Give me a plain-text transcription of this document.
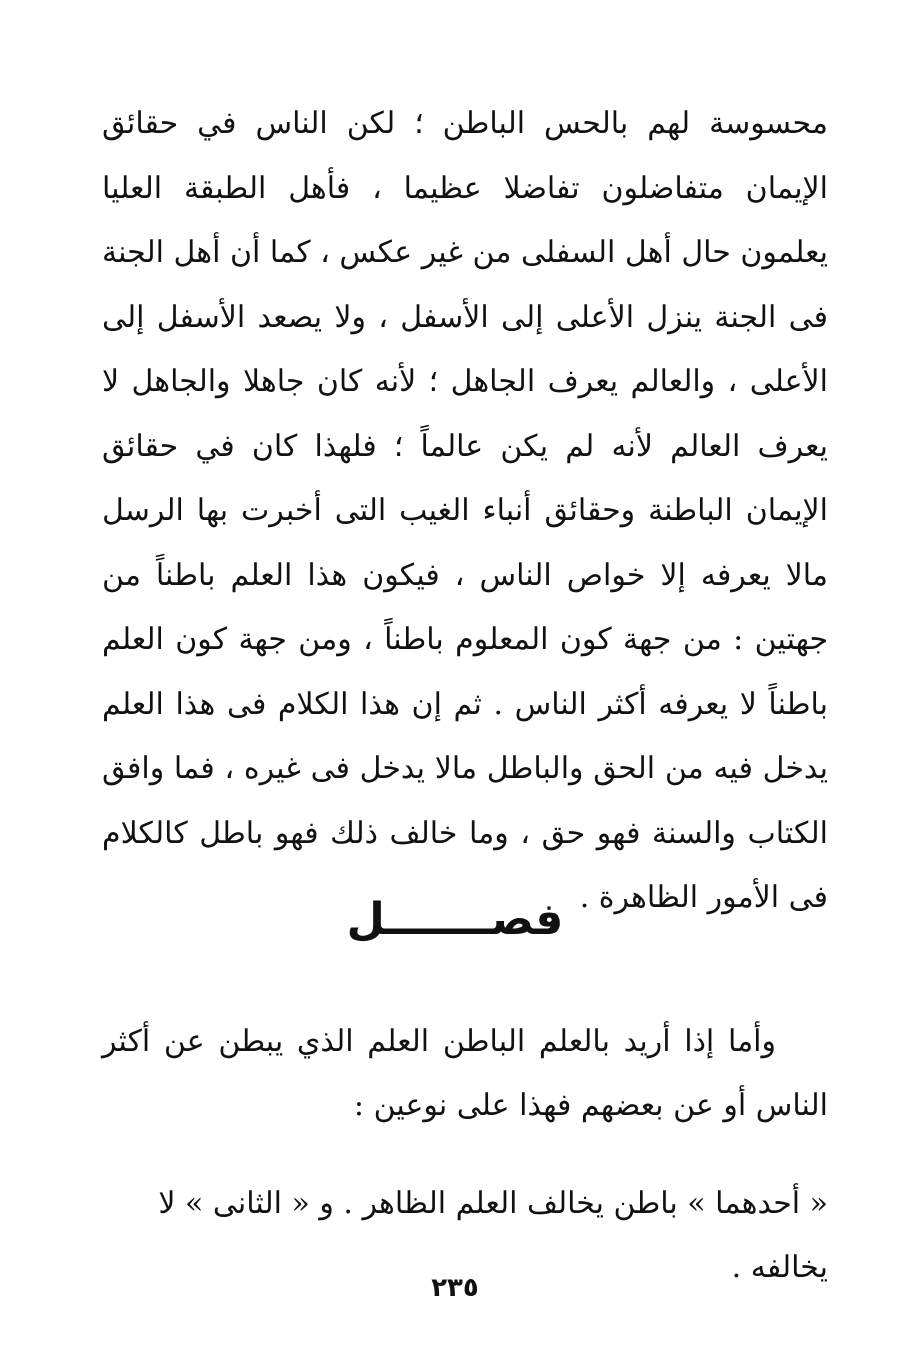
محسوسة لهم بالحس الباطن ؛ لكن الناس في حقائق الإيمان متفاضلون تفاضلا عظيما ، فأهل الطبقة العليا يعلمون حال أهل السفلى من غير عكس ، كما أن أهل الجنة فى الجنة ينزل الأعلى إلى الأسفل ، ولا يصعد الأسفل إلى الأعلى ، والعالم يعرف الجاهل ؛ لأنه كان جاهلا والجاهل لا يعرف العالم لأنه لم يكن عالماً ؛ فلهذا كان في حقائق الإيمان الباطنة وحقائق أنباء الغيب التى أخبرت بها الرسل مالا يعرفه إلا خواص الناس ، فيكون هذا العلم باطناً من جهتين : من جهة كون المعلوم باطناً ، ومن جهة كون العلم باطناً لا يعرفه أكثر الناس . ثم إن هذا الكلام فى هذا العلم يدخل فيه من الحق والباطل مالا يدخل فى غيره ، فما وافق الكتاب والسنة فهو حق ، وما خالف ذلك فهو باطل كالكلام فى الأمور الظاهرة .

فصـــــــل

وأما إذا أريد بالعلم الباطن العلم الذي يبطن عن أكثر الناس أو عن بعضهم فهذا على نوعين :

« أحدهما » باطن يخالف العلم الظاهر . و « الثانى » لا يخالفه .

٢٣٥
